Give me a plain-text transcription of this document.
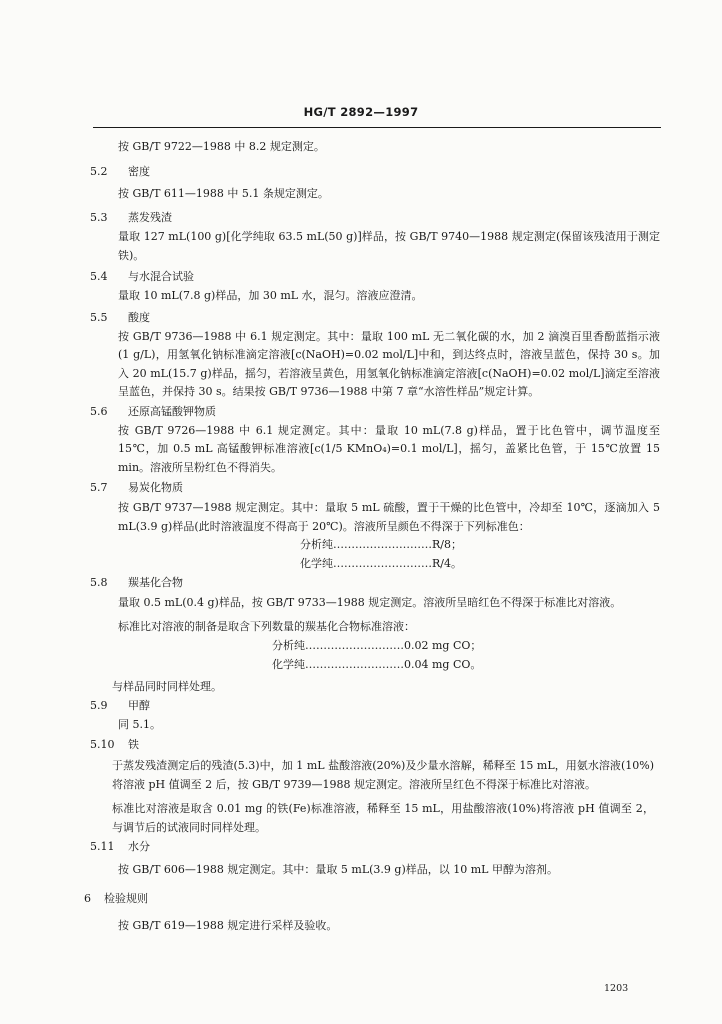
HG/T 2892—1997

按 GB/T 9722—1988 中 8.2 规定测定。

5.2 密度

按 GB/T 611—1988 中 5.1 条规定测定。

5.3 蒸发残渣

量取 127 mL(100 g)[化学纯取 63.5 mL(50 g)]样品，按 GB/T 9740—1988 规定测定(保留该残渣用于测定铁)。

5.4 与水混合试验

量取 10 mL(7.8 g)样品，加 30 mL 水，混匀。溶液应澄清。

5.5 酸度

按 GB/T 9736—1988 中 6.1 规定测定。其中：量取 100 mL 无二氧化碳的水，加 2 滴溴百里香酚蓝指示液(1 g/L)，用氢氧化钠标准滴定溶液[c(NaOH)=0.02 mol/L]中和，到达终点时，溶液呈蓝色，保持 30 s。加入 20 mL(15.7 g)样品，摇匀，若溶液呈黄色，用氢氧化钠标准滴定溶液[c(NaOH)=0.02 mol/L]滴定至溶液呈蓝色，并保持 30 s。结果按 GB/T 9736—1988 中第 7 章“水溶性样品”规定计算。

5.6 还原高锰酸钾物质

按 GB/T 9726—1988 中 6.1 规定测定。其中：量取 10 mL(7.8 g)样品，置于比色管中，调节温度至 15℃，加 0.5 mL 高锰酸钾标准溶液[c(1/5 KMnO₄)=0.1 mol/L]，摇匀，盖紧比色管，于 15℃放置 15 min。溶液所呈粉红色不得消失。

5.7 易炭化物质

按 GB/T 9737—1988 规定测定。其中：量取 5 mL 硫酸，置于干燥的比色管中，冷却至 10℃，逐滴加入 5 mL(3.9 g)样品(此时溶液温度不得高于 20℃)。溶液所呈颜色不得深于下列标准色：

分析纯………………………R/8；

化学纯………………………R/4。

5.8 羰基化合物

量取 0.5 mL(0.4 g)样品，按 GB/T 9733—1988 规定测定。溶液所呈暗红色不得深于标准比对溶液。

标准比对溶液的制备是取含下列数量的羰基化合物标准溶液：

分析纯………………………0.02 mg CO；

化学纯………………………0.04 mg CO。

与样品同时同样处理。

5.9 甲醇

同 5.1。

5.10 铁

于蒸发残渣测定后的残渣(5.3)中，加 1 mL 盐酸溶液(20%)及少量水溶解，稀释至 15 mL，用氨水溶液(10%)将溶液 pH 值调至 2 后，按 GB/T 9739—1988 规定测定。溶液所呈红色不得深于标准比对溶液。

标准比对溶液是取含 0.01 mg 的铁(Fe)标准溶液，稀释至 15 mL，用盐酸溶液(10%)将溶液 pH 值调至 2，与调节后的试液同时同样处理。

5.11 水分

按 GB/T 606—1988 规定测定。其中：量取 5 mL(3.9 g)样品，以 10 mL 甲醇为溶剂。

6 检验规则

按 GB/T 619—1988 规定进行采样及验收。

1203
